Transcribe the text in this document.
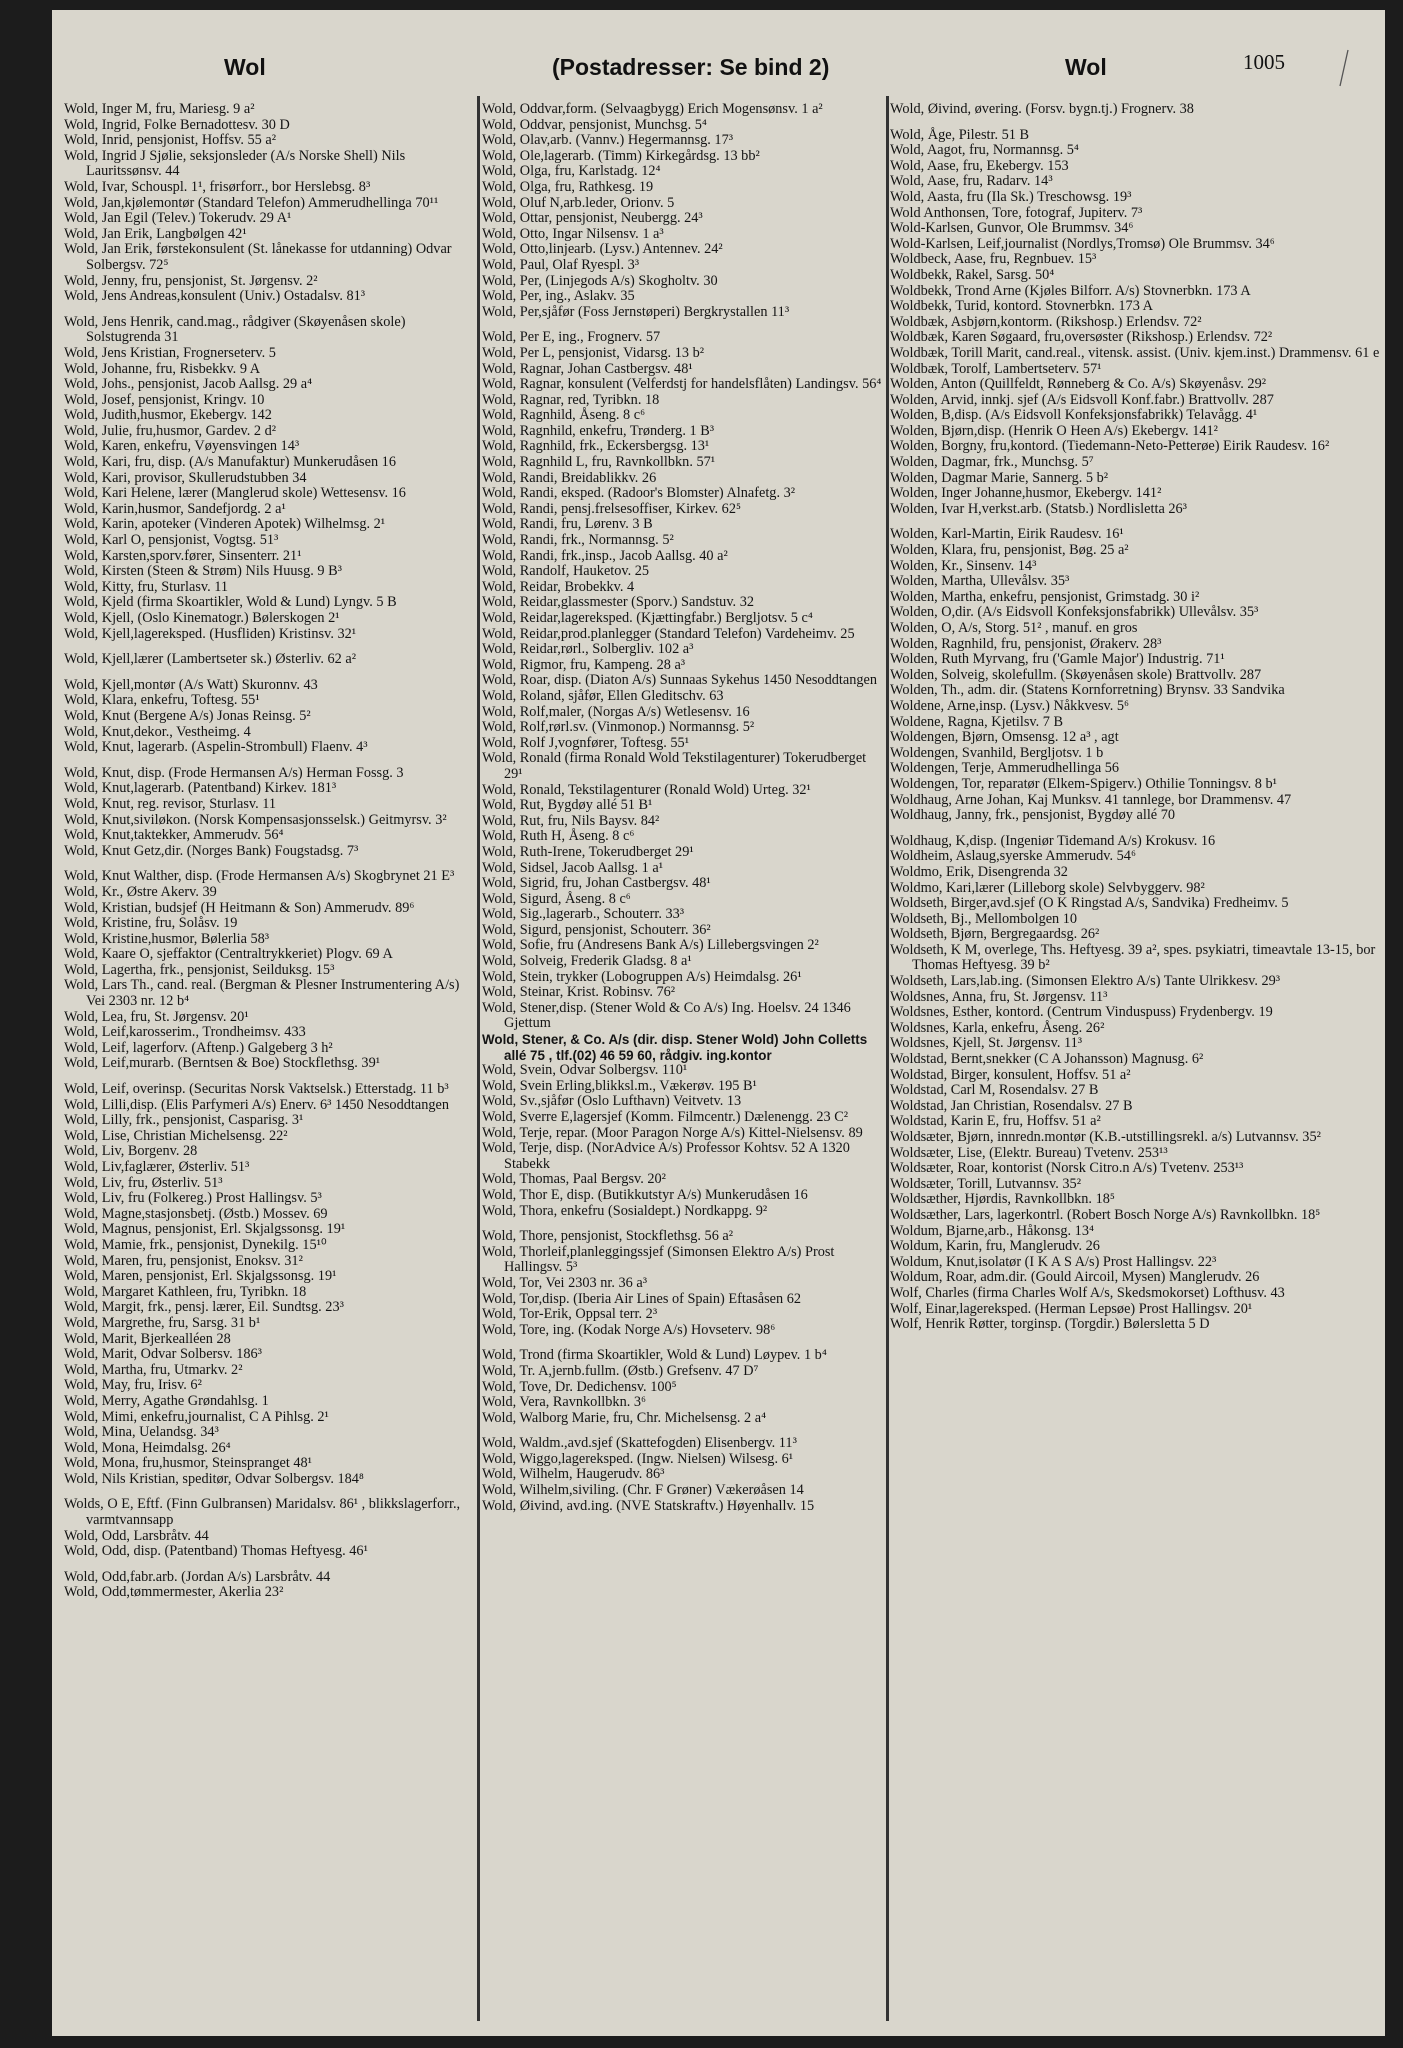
Wol	(Postadresser: Se bind 2)	Wol	1005

Wold, Inger M, fru, Mariesg. 9 a²

Wold, Ingrid, Folke Bernadottesv. 30 D

Wold, Inrid, pensjonist, Hoffsv. 55 a²

Wold, Ingrid J Sjølie, seksjonsleder (A/s Norske Shell) Nils Lauritssønsv. 44

Wold, Ivar, Schouspl. 1¹, frisørforr., bor Herslebsg. 8³

Wold, Jan,kjølemontør (Standard Telefon) Ammerudhellinga 70¹¹

Wold, Jan Egil (Telev.) Tokerudv. 29 A¹

Wold, Jan Erik, Langbølgen 42¹

Wold, Jan Erik, førstekonsulent (St. lånekasse for utdanning) Odvar Solbergsv. 72⁵

Wold, Jenny, fru, pensjonist, St. Jørgensv. 2²

Wold, Jens Andreas,konsulent (Univ.) Ostadalsv. 81³

Wold, Jens Henrik, cand.mag., rådgiver (Skøyenåsen skole) Solstugrenda 31

Wold, Jens Kristian, Frognerseterv. 5

Wold, Johanne, fru, Risbekkv. 9 A

Wold, Johs., pensjonist, Jacob Aallsg. 29 a⁴

Wold, Josef, pensjonist, Kringv. 10

Wold, Judith,husmor, Ekebergv. 142

Wold, Julie, fru,husmor, Gardev. 2 d²

Wold, Karen, enkefru, Vøyensvingen 14³

Wold, Kari, fru, disp. (A/s Manufaktur) Munkerudåsen 16

Wold, Kari, provisor, Skullerudstubben 34

Wold, Kari Helene, lærer (Manglerud skole) Wettesensv. 16

Wold, Karin,husmor, Sandefjordg. 2 a¹

Wold, Karin, apoteker (Vinderen Apotek) Wilhelmsg. 2¹

Wold, Karl O, pensjonist, Vogtsg. 51³

Wold, Karsten,sporv.fører, Sinsenterr. 21¹

Wold, Kirsten (Steen & Strøm) Nils Huusg. 9 B³

Wold, Kitty, fru, Sturlasv. 11

Wold, Kjeld (firma Skoartikler, Wold & Lund) Lyngv. 5 B

Wold, Kjell, (Oslo Kinematogr.) Bølerskogen 2¹

Wold, Kjell,lagereksped. (Husfliden) Kristinsv. 32¹

Wold, Kjell,lærer (Lambertseter sk.) Østerliv. 62 a²

Wold, Kjell,montør (A/s Watt) Skuronnv. 43

Wold, Klara, enkefru, Toftesg. 55¹

Wold, Knut (Bergene A/s) Jonas Reinsg. 5²

Wold, Knut,dekor., Vestheimg. 4

Wold, Knut, lagerarb. (Aspelin-Strombull) Flaenv. 4³

Wold, Knut, disp. (Frode Hermansen A/s) Herman Fossg. 3

Wold, Knut,lagerarb. (Patentband) Kirkev. 181³

Wold, Knut, reg. revisor, Sturlasv. 11

Wold, Knut,siviløkon. (Norsk Kompensasjonsselsk.) Geitmyrsv. 3²

Wold, Knut,taktekker, Ammerudv. 56⁴

Wold, Knut Getz,dir. (Norges Bank) Fougstadsg. 7³

Wold, Knut Walther, disp. (Frode Hermansen A/s) Skogbrynet 21 E³

Wold, Kr., Østre Akerv. 39

Wold, Kristian, budsjef (H Heitmann & Son) Ammerudv. 89⁶

Wold, Kristine, fru, Solåsv. 19

Wold, Kristine,husmor, Bølerlia 58³

Wold, Kaare O, sjeffaktor (Centraltrykkeriet) Plogv. 69 A

Wold, Lagertha, frk., pensjonist, Seilduksg. 15³

Wold, Lars Th., cand. real. (Bergman & Plesner Instrumentering A/s) Vei 2303 nr. 12 b⁴

Wold, Lea, fru, St. Jørgensv. 20¹

Wold, Leif,karosserim., Trondheimsv. 433

Wold, Leif, lagerforv. (Aftenp.) Galgeberg 3 h²

Wold, Leif,murarb. (Berntsen & Boe) Stockflethsg. 39¹

Wold, Leif, overinsp. (Securitas Norsk Vaktselsk.) Etterstadg. 11 b³

Wold, Lilli,disp. (Elis Parfymeri A/s) Enerv. 6³ 1450 Nesoddtangen

Wold, Lilly, frk., pensjonist, Casparisg. 3¹

Wold, Lise, Christian Michelsensg. 22²

Wold, Liv, Borgenv. 28

Wold, Liv,faglærer, Østerliv. 51³

Wold, Liv, fru, Østerliv. 51³

Wold, Liv, fru (Folkereg.) Prost Hallingsv. 5³

Wold, Magne,stasjonsbetj. (Østb.) Mossev. 69

Wold, Magnus, pensjonist, Erl. Skjalgssonsg. 19¹

Wold, Mamie, frk., pensjonist, Dynekilg. 15¹⁰

Wold, Maren, fru, pensjonist, Enoksv. 31²

Wold, Maren, pensjonist, Erl. Skjalgssonsg. 19¹

Wold, Margaret Kathleen, fru, Tyribkn. 18

Wold, Margit, frk., pensj. lærer, Eil. Sundtsg. 23³

Wold, Margrethe, fru, Sarsg. 31 b¹

Wold, Marit, Bjerkealléen 28

Wold, Marit, Odvar Solbersv. 186³

Wold, Martha, fru, Utmarkv. 2²

Wold, May, fru, Irisv. 6²

Wold, Merry, Agathe Grøndahlsg. 1

Wold, Mimi, enkefru,journalist, C A Pihlsg. 2¹

Wold, Mina, Uelandsg. 34³

Wold, Mona, Heimdalsg. 26⁴

Wold, Mona, fru,husmor, Steinspranget 48¹

Wold, Nils Kristian, speditør, Odvar Solbergsv. 184⁸

Wolds, O E, Eftf. (Finn Gulbransen) Maridalsv. 86¹ , blikkslagerforr., varmtvannsapp

Wold, Odd, Larsbråtv. 44

Wold, Odd, disp. (Patentband) Thomas Heftyesg. 46¹

Wold, Odd,fabr.arb. (Jordan A/s) Larsbråtv. 44

Wold, Odd,tømmermester, Akerlia 23²

Wold, Oddvar,form. (Selvaagbygg) Erich Mogensønsv. 1 a²

Wold, Oddvar, pensjonist, Munchsg. 5⁴

Wold, Olav,arb. (Vannv.) Hegermannsg. 17³

Wold, Ole,lagerarb. (Timm) Kirkegårdsg. 13 bb²

Wold, Olga, fru, Karlstadg. 12⁴

Wold, Olga, fru, Rathkesg. 19

Wold, Oluf N,arb.leder, Orionv. 5

Wold, Ottar, pensjonist, Neubergg. 24³

Wold, Otto, Ingar Nilsensv. 1 a³

Wold, Otto,linjearb. (Lysv.) Antennev. 24²

Wold, Paul, Olaf Ryespl. 3³

Wold, Per, (Linjegods A/s) Skogholtv. 30

Wold, Per, ing., Aslakv. 35

Wold, Per,sjåfør (Foss Jernstøperi) Bergkrystallen 11³

Wold, Per E, ing., Frognerv. 57

Wold, Per L, pensjonist, Vidarsg. 13 b²

Wold, Ragnar, Johan Castbergsv. 48¹

Wold, Ragnar, konsulent (Velferdstj for handelsflåten) Landingsv. 56⁴

Wold, Ragnar, red, Tyribkn. 18

Wold, Ragnhild, Åseng. 8 c⁶

Wold, Ragnhild, enkefru, Trønderg. 1 B³

Wold, Ragnhild, frk., Eckersbergsg. 13¹

Wold, Ragnhild L, fru, Ravnkollbkn. 57¹

Wold, Randi, Breidablikkv. 26

Wold, Randi, eksped. (Radoor's Blomster) Alnafetg. 3²

Wold, Randi, pensj.frelsesoffiser, Kirkev. 62⁵

Wold, Randi, fru, Lørenv. 3 B

Wold, Randi, frk., Normannsg. 5²

Wold, Randi, frk.,insp., Jacob Aallsg. 40 a²

Wold, Randolf, Hauketov. 25

Wold, Reidar, Brobekkv. 4

Wold, Reidar,glassmester (Sporv.) Sandstuv. 32

Wold, Reidar,lagereksped. (Kjættingfabr.) Bergljotsv. 5 c⁴

Wold, Reidar,prod.planlegger (Standard Telefon) Vardeheimv. 25

Wold, Reidar,rørl., Solbergliv. 102 a³

Wold, Rigmor, fru, Kampeng. 28 a³

Wold, Roar, disp. (Diaton A/s) Sunnaas Sykehus 1450 Nesoddtangen

Wold, Roland, sjåfør, Ellen Gleditschv. 63

Wold, Rolf,maler, (Norgas A/s) Wetlesensv. 16

Wold, Rolf,rørl.sv. (Vinmonop.) Normannsg. 5²

Wold, Rolf J,vognfører, Toftesg. 55¹

Wold, Ronald (firma Ronald Wold Tekstilagenturer) Tokerudberget 29¹

Wold, Ronald, Tekstilagenturer (Ronald Wold) Urteg. 32¹

Wold, Rut, Bygdøy allé 51 B¹

Wold, Rut, fru, Nils Baysv. 84²

Wold, Ruth H, Åseng. 8 c⁶

Wold, Ruth-Irene, Tokerudberget 29¹

Wold, Sidsel, Jacob Aallsg. 1 a¹

Wold, Sigrid, fru, Johan Castbergsv. 48¹

Wold, Sigurd, Åseng. 8 c⁶

Wold, Sig.,lagerarb., Schouterr. 33³

Wold, Sigurd, pensjonist, Schouterr. 36²

Wold, Sofie, fru (Andresens Bank A/s) Lillebergsvingen 2²

Wold, Solveig, Frederik Gladsg. 8 a¹

Wold, Stein, trykker (Lobogruppen A/s) Heimdalsg. 26¹

Wold, Steinar, Krist. Robinsv. 76²

Wold, Stener,disp. (Stener Wold & Co A/s) Ing. Hoelsv. 24 1346 Gjettum

Wold, Stener, & Co. A/s (dir. disp. Stener Wold) John Colletts allé 75 , tlf.(02) 46 59 60, rådgiv. ing.kontor

Wold, Svein, Odvar Solbergsv. 110¹

Wold, Svein Erling,blikksl.m., Vækerøv. 195 B¹

Wold, Sv.,sjåfør (Oslo Lufthavn) Veitvetv. 13

Wold, Sverre E,lagersjef (Komm. Filmcentr.) Dælenengg. 23 C²

Wold, Terje, repar. (Moor Paragon Norge A/s) Kittel-Nielsensv. 89

Wold, Terje, disp. (NorAdvice A/s) Professor Kohtsv. 52 A 1320 Stabekk

Wold, Thomas, Paal Bergsv. 20²

Wold, Thor E, disp. (Butikkutstyr A/s) Munkerudåsen 16

Wold, Thora, enkefru (Sosialdept.) Nordkappg. 9²

Wold, Thore, pensjonist, Stockflethsg. 56 a²

Wold, Thorleif,planleggingssjef (Simonsen Elektro A/s) Prost Hallingsv. 5³

Wold, Tor, Vei 2303 nr. 36 a³

Wold, Tor,disp. (Iberia Air Lines of Spain) Eftasåsen 62

Wold, Tor-Erik, Oppsal terr. 2³

Wold, Tore, ing. (Kodak Norge A/s) Hovseterv. 98⁶

Wold, Trond (firma Skoartikler, Wold & Lund) Løypev. 1 b⁴

Wold, Tr. A,jernb.fullm. (Østb.) Grefsenv. 47 D⁷

Wold, Tove, Dr. Dedichensv. 100⁵

Wold, Vera, Ravnkollbkn. 3⁶

Wold, Walborg Marie, fru, Chr. Michelsensg. 2 a⁴

Wold, Waldm.,avd.sjef (Skattefogden) Elisenbergv. 11³

Wold, Wiggo,lagereksped. (Ingw. Nielsen) Wilsesg. 6¹

Wold, Wilhelm, Haugerudv. 86³

Wold, Wilhelm,siviling. (Chr. F Grøner) Vækerøåsen 14

Wold, Øivind, avd.ing. (NVE Statskraftv.) Høyenhallv. 15

Wold, Øivind, øvering. (Forsv. bygn.tj.) Frognerv. 38

Wold, Åge, Pilestr. 51 B

Wold, Aagot, fru, Normannsg. 5⁴

Wold, Aase, fru, Ekebergv. 153

Wold, Aase, fru, Radarv. 14³

Wold, Aasta, fru (Ila Sk.) Treschowsg. 19³

Wold Anthonsen, Tore, fotograf, Jupiterv. 7³

Wold-Karlsen, Gunvor, Ole Brummsv. 34⁶

Wold-Karlsen, Leif,journalist (Nordlys,Tromsø) Ole Brummsv. 34⁶

Woldbeck, Aase, fru, Regnbuev. 15³

Woldbekk, Rakel, Sarsg. 50⁴

Woldbekk, Trond Arne (Kjøles Bilforr. A/s) Stovnerbkn. 173 A

Woldbekk, Turid, kontord. Stovnerbkn. 173 A

Woldbæk, Asbjørn,kontorm. (Rikshosp.) Erlendsv. 72²

Woldbæk, Karen Søgaard, fru,oversøster (Rikshosp.) Erlendsv. 72²

Woldbæk, Torill Marit, cand.real., vitensk. assist. (Univ. kjem.inst.) Drammensv. 61 e

Woldbæk, Torolf, Lambertseterv. 57¹

Wolden, Anton (Quillfeldt, Rønneberg & Co. A/s) Skøyenåsv. 29²

Wolden, Arvid, innkj. sjef (A/s Eidsvoll Konf.fabr.) Brattvollv. 287

Wolden, B,disp. (A/s Eidsvoll Konfeksjonsfabrikk) Telavågg. 4¹

Wolden, Bjørn,disp. (Henrik O Heen A/s) Ekebergv. 141²

Wolden, Borgny, fru,kontord. (Tiedemann-Neto-Petterøe) Eirik Raudesv. 16²

Wolden, Dagmar, frk., Munchsg. 5⁷

Wolden, Dagmar Marie, Sannerg. 5 b²

Wolden, Inger Johanne,husmor, Ekebergv. 141²

Wolden, Ivar H,verkst.arb. (Statsb.) Nordlisletta 26³

Wolden, Karl-Martin, Eirik Raudesv. 16¹

Wolden, Klara, fru, pensjonist, Bøg. 25 a²

Wolden, Kr., Sinsenv. 14³

Wolden, Martha, Ullevålsv. 35³

Wolden, Martha, enkefru, pensjonist, Grimstadg. 30 i²

Wolden, O,dir. (A/s Eidsvoll Konfeksjonsfabrikk) Ullevålsv. 35³

Wolden, O, A/s, Storg. 51² , manuf. en gros

Wolden, Ragnhild, fru, pensjonist, Ørakerv. 28³

Wolden, Ruth Myrvang, fru ('Gamle Major') Industrig. 71¹

Wolden, Solveig, skolefullm. (Skøyenåsen skole) Brattvollv. 287

Wolden, Th., adm. dir. (Statens Kornforretning) Brynsv. 33 Sandvika

Woldene, Arne,insp. (Lysv.) Nåkkvesv. 5⁶

Woldene, Ragna, Kjetilsv. 7 B

Woldengen, Bjørn, Omsensg. 12 a³ , agt

Woldengen, Svanhild, Bergljotsv. 1 b

Woldengen, Terje, Ammerudhellinga 56

Woldengen, Tor, reparatør (Elkem-Spigerv.) Othilie Tonningsv. 8 b¹

Woldhaug, Arne Johan, Kaj Munksv. 41 tannlege, bor Drammensv. 47

Woldhaug, Janny, frk., pensjonist, Bygdøy allé 70

Woldhaug, K,disp. (Ingeniør Tidemand A/s) Krokusv. 16

Woldheim, Aslaug,syerske Ammerudv. 54⁶

Woldmo, Erik, Disengrenda 32

Woldmo, Kari,lærer (Lilleborg skole) Selvbyggerv. 98²

Woldseth, Birger,avd.sjef (O K Ringstad A/s, Sandvika) Fredheimv. 5

Woldseth, Bj., Mellombolgen 10

Woldseth, Bjørn, Bergregaardsg. 26²

Woldseth, K M, overlege, Ths. Heftyesg. 39 a², spes. psykiatri, timeavtale 13-15, bor Thomas Heftyesg. 39 b²

Woldseth, Lars,lab.ing. (Simonsen Elektro A/s) Tante Ulrikkesv. 29³

Woldsnes, Anna, fru, St. Jørgensv. 11³

Woldsnes, Esther, kontord. (Centrum Vinduspuss) Frydenbergv. 19

Woldsnes, Karla, enkefru, Åseng. 26²

Woldsnes, Kjell, St. Jørgensv. 11³

Woldstad, Bernt,snekker (C A Johansson) Magnusg. 6²

Woldstad, Birger, konsulent, Hoffsv. 51 a²

Woldstad, Carl M, Rosendalsv. 27 B

Woldstad, Jan Christian, Rosendalsv. 27 B

Woldstad, Karin E, fru, Hoffsv. 51 a²

Woldsæter, Bjørn, innredn.montør (K.B.-utstillingsrekl. a/s) Lutvannsv. 35²

Woldsæter, Lise, (Elektr. Bureau) Tvetenv. 253¹³

Woldsæter, Roar, kontorist (Norsk Citro.n A/s) Tvetenv. 253¹³

Woldsæter, Torill, Lutvannsv. 35²

Woldsæther, Hjørdis, Ravnkollbkn. 18⁵

Woldsæther, Lars, lagerkontrl. (Robert Bosch Norge A/s) Ravnkollbkn. 18⁵

Woldum, Bjarne,arb., Håkonsg. 13⁴

Woldum, Karin, fru, Manglerudv. 26

Woldum, Knut,isolatør (I K A S A/s) Prost Hallingsv. 22³

Woldum, Roar, adm.dir. (Gould Aircoil, Mysen) Manglerudv. 26

Wolf, Charles (firma Charles Wolf A/s, Skedsmokorset) Lofthusv. 43

Wolf, Einar,lagereksped. (Herman Lepsøe) Prost Hallingsv. 20¹

Wolf, Henrik Røtter, torginsp. (Torgdir.) Bølersletta 5 D
